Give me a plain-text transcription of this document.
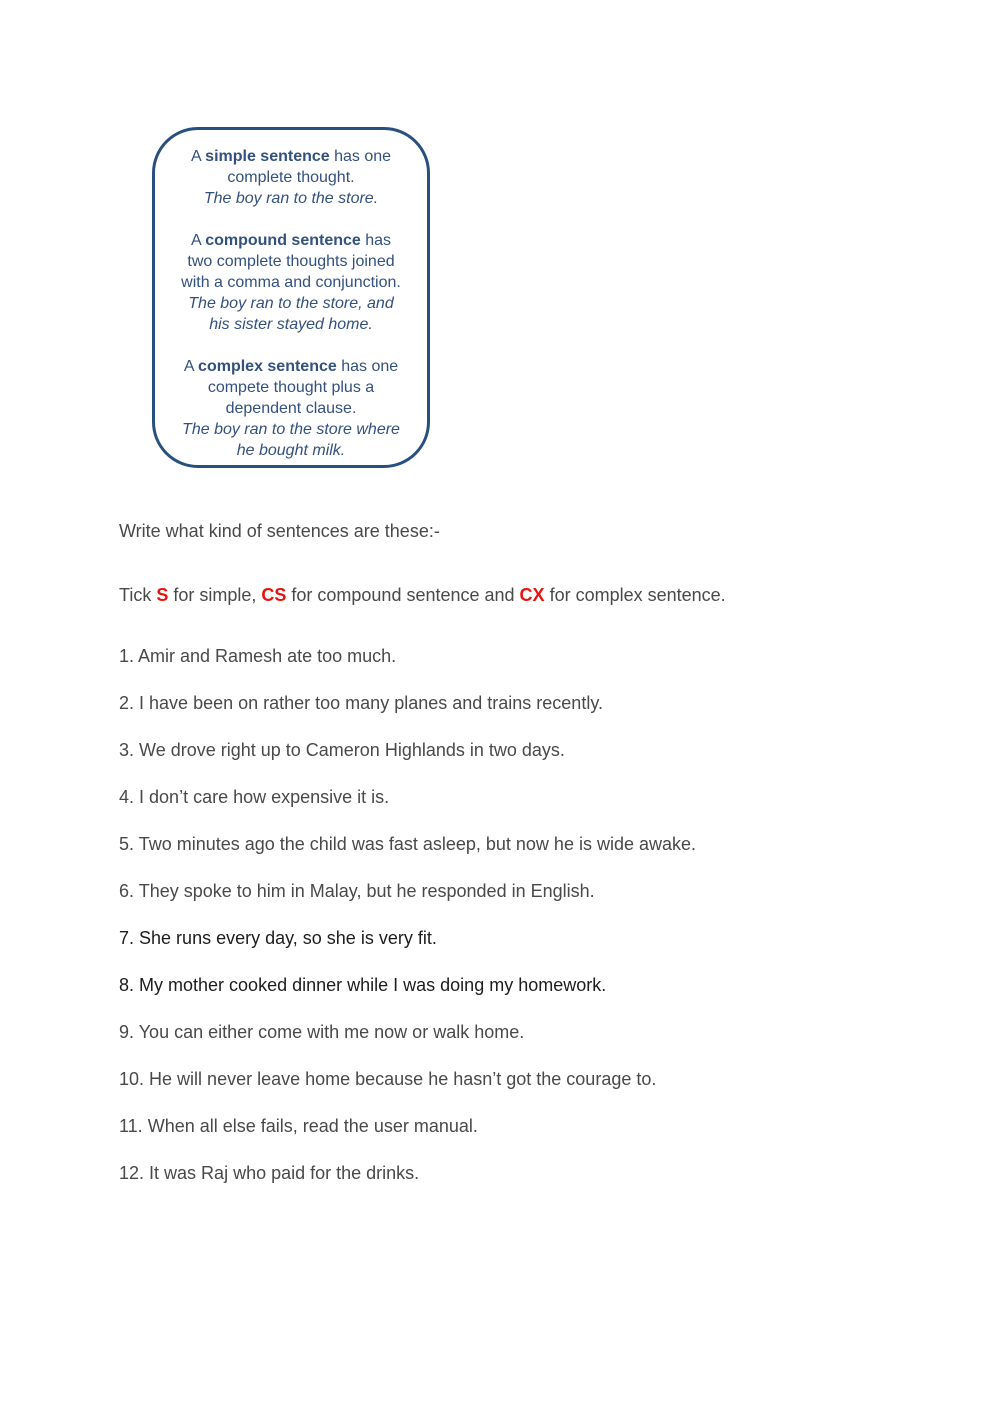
A simple sentence has one
complete thought.
The boy ran to the store.
A compound sentence has
two complete thoughts joined
with a comma and conjunction.
The boy ran to the store, and
his sister stayed home.
A complex sentence has one
compete thought plus a
dependent clause.
The boy ran to the store where
he bought milk.
Write what kind of sentences are these:-
Tick S for simple, CS for compound sentence and CX for complex sentence.
1. Amir and Ramesh ate too much.
2. I have been on rather too many planes and trains recently.
3. We drove right up to Cameron Highlands in two days.
4. I don’t care how expensive it is.
5. Two minutes ago the child was fast asleep, but now he is wide awake.
6. They spoke to him in Malay, but he responded in English.
7. She runs every day, so she is very fit.
8. My mother cooked dinner while I was doing my homework.
9. You can either come with me now or walk home.
10. He will never leave home because he hasn’t got the courage to.
11. When all else fails, read the user manual.
12. It was Raj who paid for the drinks.
